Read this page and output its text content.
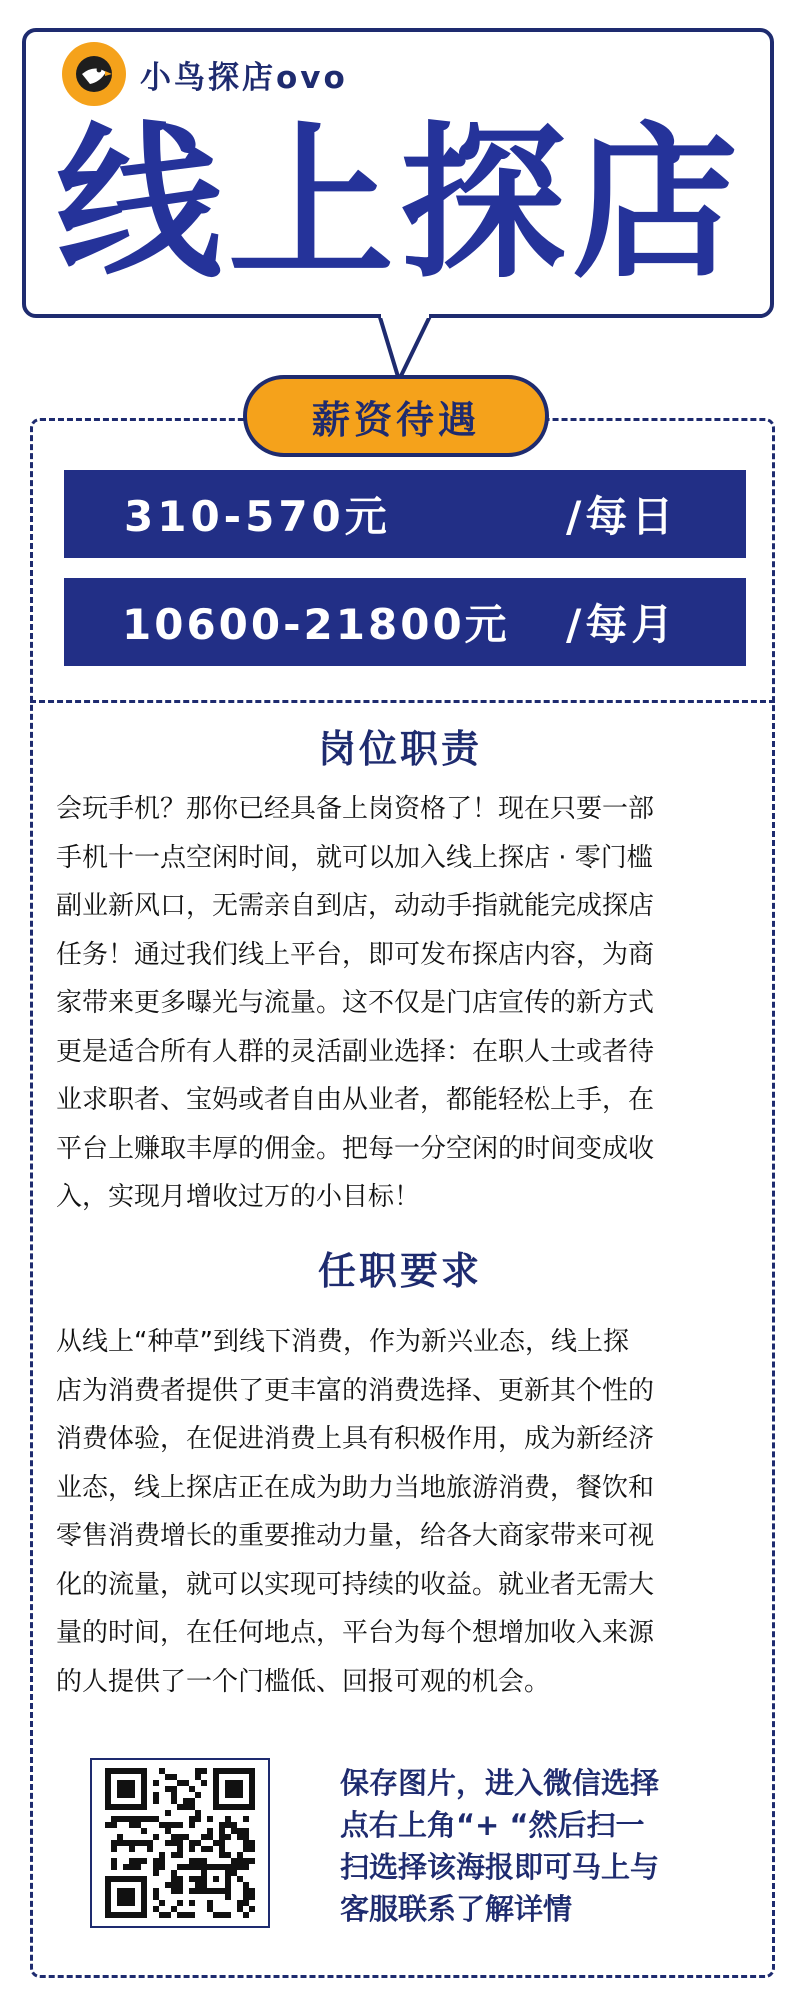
小鸟探店ovo
线上探店
薪资待遇
310-570元	/每日
10600-21800元	/每月
岗位职责
会玩手机？那你已经具备上岗资格了！现在只要一部
手机十一点空闲时间，就可以加入线上探店 · 零门槛
副业新风口，无需亲自到店，动动手指就能完成探店
任务！通过我们线上平台，即可发布探店内容，为商
家带来更多曝光与流量。这不仅是门店宣传的新方式
更是适合所有人群的灵活副业选择：在职人士或者待
业求职者、宝妈或者自由从业者，都能轻松上手，在
平台上赚取丰厚的佣金。把每一分空闲的时间变成收
入，实现月增收过万的小目标！
任职要求
从线上“种草”到线下消费，作为新兴业态，线上探
店为消费者提供了更丰富的消费选择、更新其个性的
消费体验，在促进消费上具有积极作用，成为新经济
业态，线上探店正在成为助力当地旅游消费，餐饮和
零售消费增长的重要推动力量，给各大商家带来可视
化的流量，就可以实现可持续的收益。就业者无需大
量的时间，在任何地点，平台为每个想增加收入来源
的人提供了一个门槛低、回报可观的机会。
保存图片，进入微信选择
点右上角“+ “然后扫一
扫选择该海报即可马上与
客服联系了解详情
